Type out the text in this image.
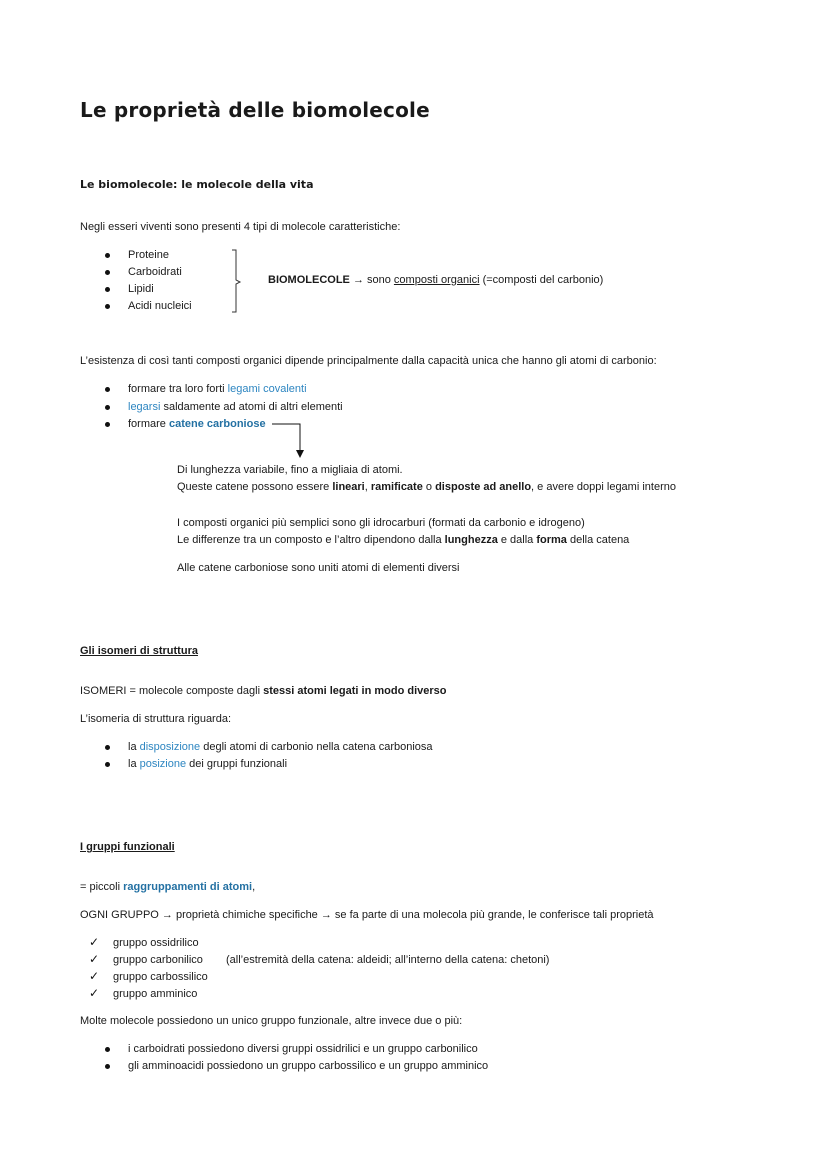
Le proprietà delle biomolecole
Le biomolecole: le molecole della vita
Negli esseri viventi sono presenti 4 tipi di molecole caratteristiche:
Proteine
Carboidrati
Lipidi
Acidi nucleici
BIOMOLECOLE → sono composti organici (=composti del carbonio)
L’esistenza di così tanti composti organici dipende principalmente dalla capacità unica che hanno gli atomi di carbonio:
formare tra loro forti legami covalenti
legarsi saldamente ad atomi di altri elementi
formare catene carboniose
Di lunghezza variabile, fino a migliaia di atomi.
Queste catene possono essere lineari, ramificate o disposte ad anello, e avere doppi legami interno
I composti organici più semplici sono gli idrocarburi (formati da carbonio e idrogeno)
Le differenze tra un composto e l’altro dipendono dalla lunghezza e dalla forma della catena
Alle catene carboniose sono uniti atomi di elementi diversi
Gli isomeri di struttura
ISOMERI = molecole composte dagli stessi atomi legati in modo diverso
L’isomeria di struttura riguarda:
la disposizione degli atomi di carbonio nella catena carboniosa
la posizione dei gruppi funzionali
I gruppi funzionali
= piccoli raggruppamenti di atomi,
OGNI GRUPPO → proprietà chimiche specifiche → se fa parte di una molecola più grande, le conferisce tali proprietà
✓ gruppo ossidrilico
✓ gruppo carbonilico (all’estremità della catena: aldeidi; all’interno della catena: chetoni)
✓ gruppo carbossilico
✓ gruppo amminico
Molte molecole possiedono un unico gruppo funzionale, altre invece due o più:
i carboidrati possiedono diversi gruppi ossidrilici e un gruppo carbonilico
gli amminoacidi possiedono un gruppo carbossilico e un gruppo amminico
